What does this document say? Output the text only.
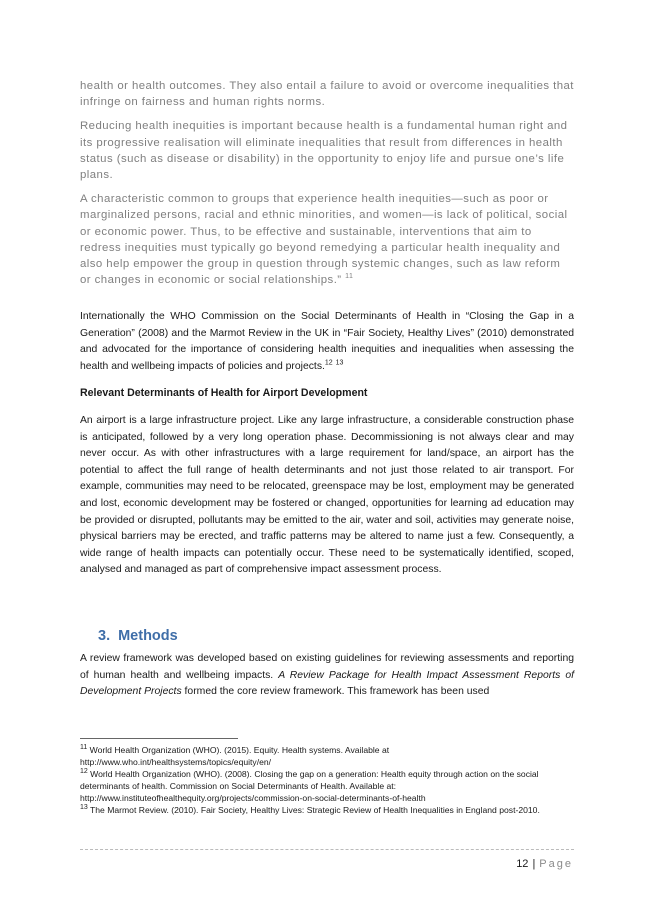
health or health outcomes. They also entail a failure to avoid or overcome inequalities that infringe on fairness and human rights norms.

Reducing health inequities is important because health is a fundamental human right and its progressive realisation will eliminate inequalities that result from differences in health status (such as disease or disability) in the opportunity to enjoy life and pursue one’s life plans.

A characteristic common to groups that experience health inequities—such as poor or marginalized persons, racial and ethnic minorities, and women—is lack of political, social or economic power. Thus, to be effective and sustainable, interventions that aim to redress inequities must typically go beyond remedying a particular health inequality and also help empower the group in question through systemic changes, such as law reform or changes in economic or social relationships.” $^{11}$

Internationally the WHO Commission on the Social Determinants of Health in “Closing the Gap in a Generation” (2008) and the Marmot Review in the UK in “Fair Society, Healthy Lives” (2010) demonstrated and advocated for the importance of considering health inequities and inequalities when assessing the health and wellbeing impacts of policies and projects.$^{12}$ $^{13}$

Relevant Determinants of Health for Airport Development

An airport is a large infrastructure project. Like any large infrastructure, a considerable construction phase is anticipated, followed by a very long operation phase. Decommissioning is not always clear and may never occur. As with other infrastructures with a large requirement for land/space, an airport has the potential to affect the full range of health determinants and not just those related to air transport. For example, communities may need to be relocated, greenspace may be lost, employment may be generated and lost, economic development may be fostered or changed, opportunities for learning ad education may be provided or disrupted, pollutants may be emitted to the air, water and soil, activities may generate noise, physical barriers may be erected, and traffic patterns may be altered to name just a few. Consequently, a wide range of health impacts can potentially occur. These need to be systematically identified, scoped, analysed and managed as part of comprehensive impact assessment process.

3. Methods

A review framework was developed based on existing guidelines for reviewing assessments and reporting of human health and wellbeing impacts. A Review Package for Health Impact Assessment Reports of Development Projects formed the core review framework. This framework has been used

$^{11}$ World Health Organization (WHO). (2015). Equity. Health systems. Available at http://www.who.int/healthsystems/topics/equity/en/

$^{12}$ World Health Organization (WHO). (2008). Closing the gap on a generation: Health equity through action on the social determinants of health. Commission on Social Determinants of Health. Available at: http://www.instituteofhealthequity.org/projects/commission-on-social-determinants-of-health

$^{13}$ The Marmot Review. (2010). Fair Society, Healthy Lives: Strategic Review of Health Inequalities in England post-2010.

12 | Page
